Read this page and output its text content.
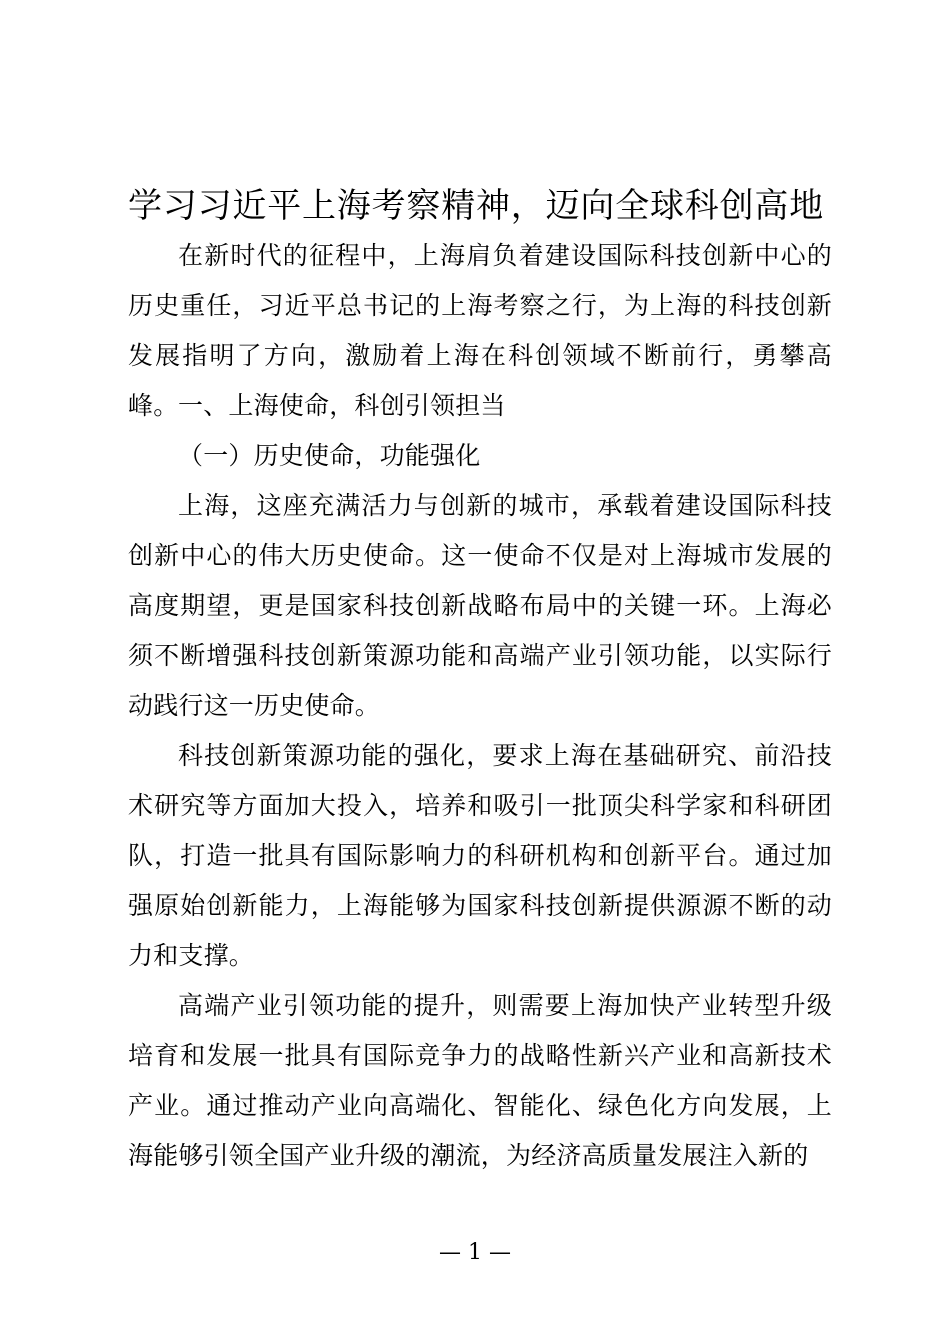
学习习近平上海考察精神，迈向全球科创高地

在新时代的征程中，上海肩负着建设国际科技创新中心的历史重任，习近平总书记的上海考察之行，为上海的科技创新发展指明了方向，激励着上海在科创领域不断前行，勇攀高峰。 一、上海使命，科创引领担当

（一）历史使命，功能强化

上海，这座充满活力与创新的城市，承载着建设国际科技创新中心的伟大历史使命。这一使命不仅是对上海城市发展的高度期望，更是国家科技创新战略布局中的关键一环。上海必须不断增强科技创新策源功能和高端产业引领功能，以实际行动践行这一历史使命。

科技创新策源功能的强化，要求上海在基础研究、前沿技术研究等方面加大投入，培养和吸引一批顶尖科学家和科研团队，打造一批具有国际影响力的科研机构和创新平台。通过加强原始创新能力，上海能够为国家科技创新提供源源不断的动力和支撑。

高端产业引领功能的提升，则需要上海加快产业转型升级培育和发展一批具有国际竞争力的战略性新兴产业和高新技术产业。通过推动产业向高端化、智能化、绿色化方向发展，上海能够引领全国产业升级的潮流，为经济高质量发展注入新的

— 1 —
